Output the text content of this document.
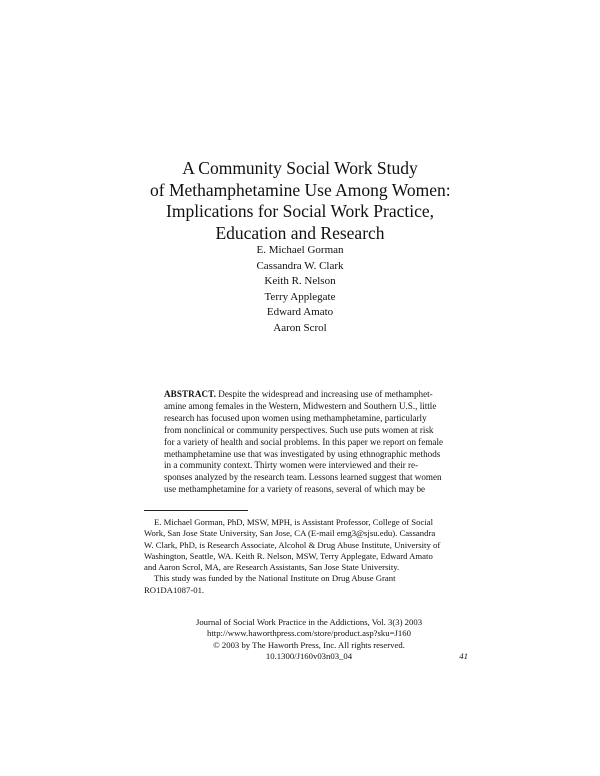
A Community Social Work Study
of Methamphetamine Use Among Women:
Implications for Social Work Practice,
Education and Research
E. Michael Gorman
Cassandra W. Clark
Keith R. Nelson
Terry Applegate
Edward Amato
Aaron Scrol
ABSTRACT. Despite the widespread and increasing use of methamphet-
amine among females in the Western, Midwestern and Southern U.S., little
research has focused upon women using methamphetamine, particularly
from nonclinical or community perspectives. Such use puts women at risk
for a variety of health and social problems. In this paper we report on female
methamphetamine use that was investigated by using ethnographic methods
in a community context. Thirty women were interviewed and their re-
sponses analyzed by the research team. Lessons learned suggest that women
use methamphetamine for a variety of reasons, several of which may be
E. Michael Gorman, PhD, MSW, MPH, is Assistant Professor, College of Social
Work, San Jose State University, San Jose, CA (E-mail emg3@sjsu.edu). Cassandra
W. Clark, PhD, is Research Associate, Alcohol & Drug Abuse Institute, University of
Washington, Seattle, WA. Keith R. Nelson, MSW, Terry Applegate, Edward Amato
and Aaron Scrol, MA, are Research Assistants, San Jose State University.
This study was funded by the National Institute on Drug Abuse Grant
RO1DA1087-01.
Journal of Social Work Practice in the Addictions, Vol. 3(3) 2003
http://www.haworthpress.com/store/product.asp?sku=J160
© 2003 by The Haworth Press, Inc. All rights reserved.
10.1300/J160v03n03_04	41
